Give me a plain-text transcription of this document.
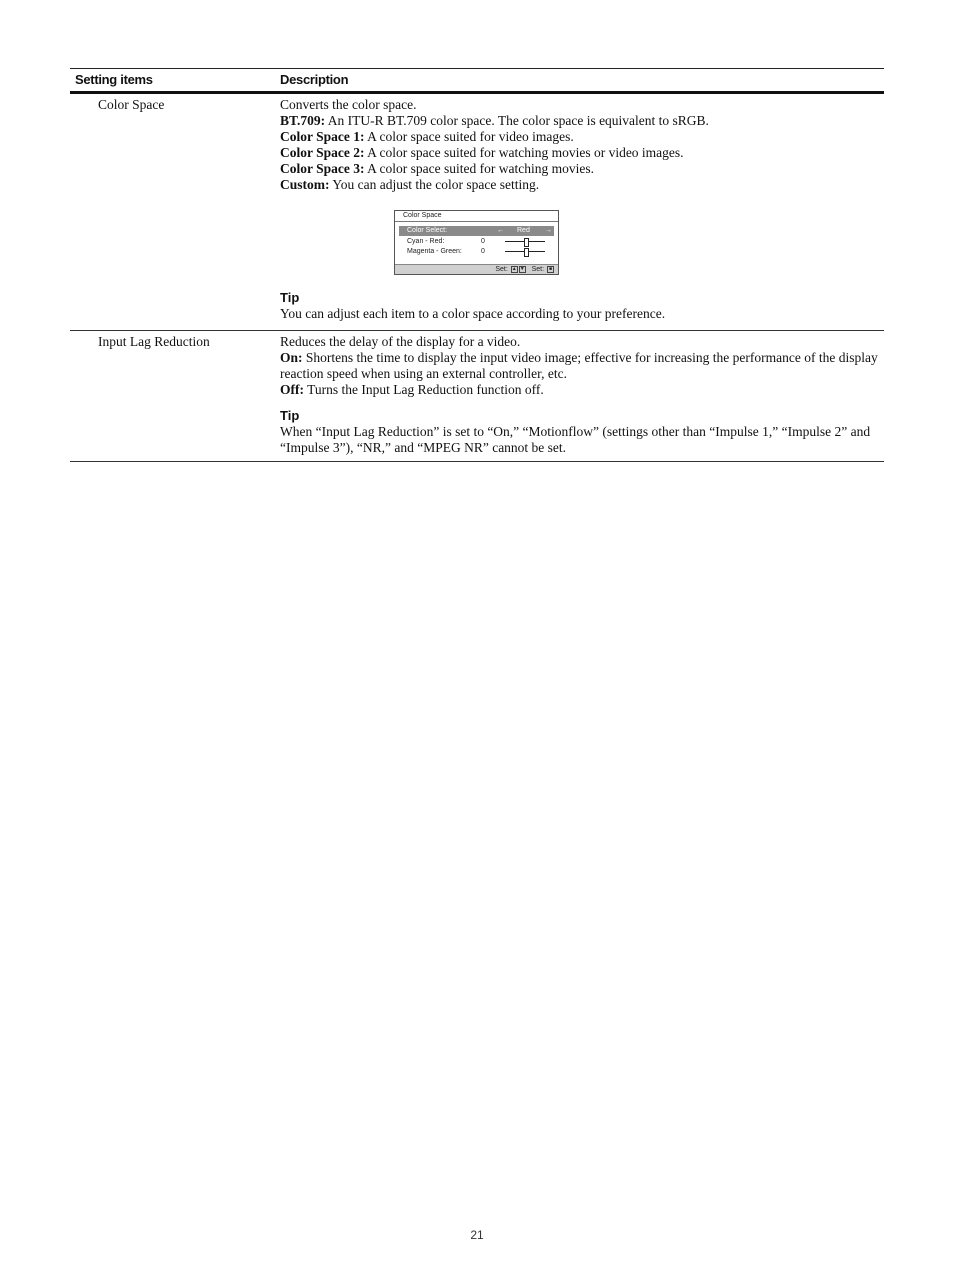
Setting items	Description
Color Space	Converts the color space.

BT.709: An ITU-R BT.709 color space. The color space is equivalent to sRGB.

Color Space 1: A color space suited for video images.

Color Space 2: A color space suited for watching movies or video images.

Color Space 3: A color space suited for watching movies.

Custom: You can adjust the color space setting.

Color Space
Color Select:	← Red →
Cyan - Red:	0
Magenta - Green:	0
Set: ▲ ▼ Set: ■

Tip

You can adjust each item to a color space according to your preference.

Input Lag Reduction	Reduces the delay of the display for a video.

On: Shortens the time to display the input video image; effective for increasing the performance of the display reaction speed when using an external controller, etc.

Off: Turns the Input Lag Reduction function off.

Tip

When “Input Lag Reduction” is set to “On,” “Motionflow” (settings other than “Impulse 1,” “Impulse 2” and “Impulse 3”), “NR,” and “MPEG NR” cannot be set.

21
